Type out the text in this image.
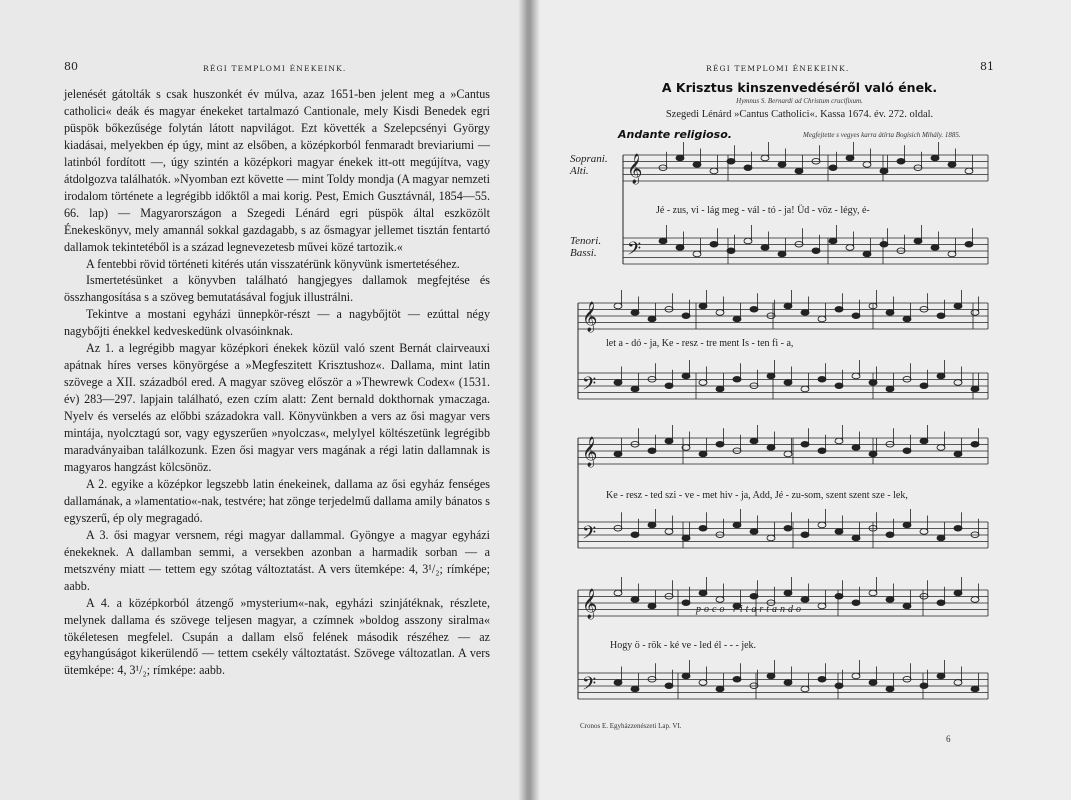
80	RÉGI TEMPLOMI ÉNEKEINK.

jelenését gátolták s csak huszonkét év múlva, azaz 1651-ben jelent meg a »Cantus catholici« deák és magyar énekeket tartalmazó Cantionale, mely Kisdi Benedek egri püspök bőkezűsége folytán látott napvilágot. Ezt követték a Szelepcsényi György kiadásai, melyekben ép úgy, mint az elsőben, a középkorból fenmaradt breviariumi — latinból fordított —, úgy szintén a középkori magyar énekek itt-ott megújítva, vagy átdolgozva találhatók. »Nyomban ezt követte — mint Toldy mondja (A magyar nemzeti irodalom története a legrégibb időktől a mai korig. Pest, Emich Gusztávnál, 1854—55. 66. lap) — Magyarországon a Szegedi Lénárd egri püspök által eszközölt Énekeskönyv, mely amannál sokkal gazdagabb, s az ősmagyar jellemet tisztán fentartó dallamok tekintetéből is a század legnevezetesb művei közé tartozik.«

A fentebbi rövid történeti kitérés után visszatérünk könyvünk ismertetéséhez.

Ismertetésünket a könyvben található hangjegyes dallamok megfejtése és összhangosítása s a szöveg bemutatásával fogjuk illustrálni.

Tekintve a mostani egyházi ünnepkör-részt — a nagybőjtöt — ezúttal négy nagybőjti énekkel kedveskedünk olvasóinknak.

Az 1. a legrégibb magyar középkori énekek közül való szent Bernát clairveauxi apátnak híres verses könyörgése a »Megfeszitett Krisztushoz«. Dallama, mint latin szövege a XII. századból ered. A magyar szöveg először a »Thewrewk Codex« (1531. év) 283—297. lapjain található, ezen czím alatt: Zent bernald dokthornak ymaczaga. Nyelv és verselés az előbbi századokra vall. Könyvünkben a vers az ősi magyar vers mintája, nyolcztagú sor, vagy egyszerűen »nyolczas«, melylyel költészetünk legrégibb maradványaiban találkozunk. Ezen ősi magyar vers magának a régi latin dallamnak is magyaros hangzást kölcsönöz.

A 2. egyike a középkor legszebb latin énekeinek, dallama az ősi egyház fenséges dallamának, a »lamentatio«-nak, testvére; hat zönge terjedelmű dallama amily bánatos s egyszerű, ép oly megragadó.

A 3. ősi magyar versnem, régi magyar dallammal. Gyöngye a magyar egyházi énekeknek. A dallamban semmi, a versekben azonban a harmadik sorban — a metszvény miatt — tettem egy szótag változtatást. A vers ütemképe: 4, 3¹/₂; rímképe; aabb.

A 4. a középkorból átzengő »mysterium«-nak, egyházi szinjátéknak, részlete, melynek dallama és szövege teljesen magyar, a czímnek »boldog asszony siralma« tökéletesen megfelel. Csupán a dallam első felének második részéhez — az egyhangúságot kikerülendő — tettem csekély változtatást. Szövege változatlan. A vers ütemképe: 4, 3¹/₂; rímképe: aabb.

RÉGI TEMPLOMI ÉNEKEINK.	81
A Krisztus kinszenvedéséről való ének.
Hymnus S. Bernardi ad Christum crucifixum.
Szegedi Lénárd »Cantus Catholici«. Kassa 1674. év. 272. oldal.
Andante religioso.	Megfejtette s vegyes karra átírta Bogisich Mihály. 1885.
Soprani.
Alti.
Tenori.
Bassi.
𝄞
𝄢
𝄞
𝄢
𝄞
𝄢
𝄞
𝄢
Jé - zus, vi - lág meg - vál - tó - ja! Üd - vöz - légy, é-
let a - dó - ja, Ke - resz - tre ment Is - ten fi - a,
Ke - resz - ted szi - ve - met hiv - ja, Add, Jé - zu-som, szent szent sze - lek,
poco ritartando
Hogy ö - rök - ké ve - led él - - - jek.
Cronos E. Egyházzenészeti Lap. VI.
6
